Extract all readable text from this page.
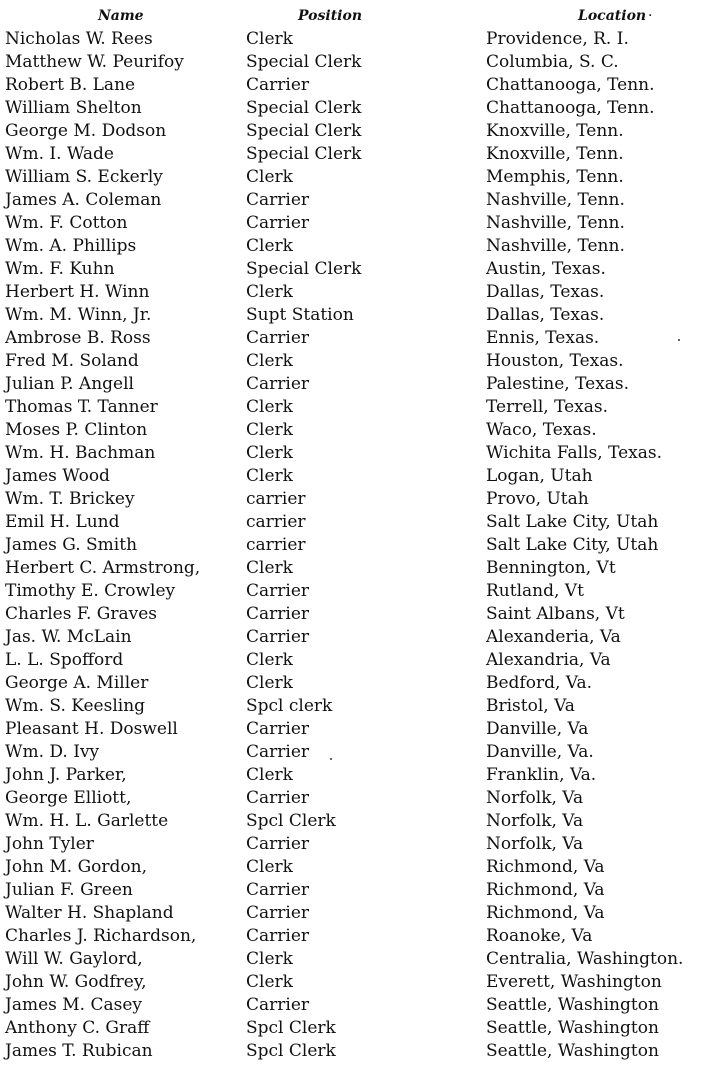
Name	Position	Location ·
Nicholas W. Rees	Clerk	Providence, R. I.
Matthew W. Peurifoy	Special Clerk	Columbia, S. C.
Robert B. Lane	Carrier	Chattanooga, Tenn.
William Shelton	Special Clerk	Chattanooga, Tenn.
George M. Dodson	Special Clerk	Knoxville, Tenn.
Wm. I. Wade	Special Clerk	Knoxville, Tenn.
William S. Eckerly	Clerk	Memphis, Tenn.
James A. Coleman	Carrier	Nashville, Tenn.
Wm. F. Cotton	Carrier	Nashville, Tenn.
Wm. A. Phillips	Clerk	Nashville, Tenn.
Wm. F. Kuhn	Special Clerk	Austin, Texas.
Herbert H. Winn	Clerk	Dallas, Texas.
Wm. M. Winn, Jr.	Supt Station	Dallas, Texas.
Ambrose B. Ross	Carrier	Ennis, Texas.
Fred M. Soland	Clerk	Houston, Texas.
Julian P. Angell	Carrier	Palestine, Texas.
Thomas T. Tanner	Clerk	Terrell, Texas.
Moses P. Clinton	Clerk	Waco, Texas.
Wm. H. Bachman	Clerk	Wichita Falls, Texas.
James Wood	Clerk	Logan, Utah
Wm. T. Brickey	carrier	Provo, Utah
Emil H. Lund	carrier	Salt Lake City, Utah
James G. Smith	carrier	Salt Lake City, Utah
Herbert C. Armstrong,	Clerk	Bennington, Vt
Timothy E. Crowley	Carrier	Rutland, Vt
Charles F. Graves	Carrier	Saint Albans, Vt
Jas. W. McLain	Carrier	Alexanderia, Va
L. L. Spofford	Clerk	Alexandria, Va
George A. Miller	Clerk	Bedford, Va.
Wm. S. Keesling	Spcl clerk	Bristol, Va
Pleasant H. Doswell	Carrier	Danville, Va
Wm. D. Ivy	Carrier	Danville, Va.
John J. Parker,	Clerk	Franklin, Va.
George Elliott,	Carrier	Norfolk, Va
Wm. H. L. Garlette	Spcl Clerk	Norfolk, Va
John Tyler	Carrier	Norfolk, Va
John M. Gordon,	Clerk	Richmond, Va
Julian F. Green	Carrier	Richmond, Va
Walter H. Shapland	Carrier	Richmond, Va
Charles J. Richardson,	Carrier	Roanoke, Va
Will W. Gaylord,	Clerk	Centralia, Washington.
John W. Godfrey,	Clerk	Everett, Washington
James M. Casey	Carrier	Seattle, Washington
Anthony C. Graff	Spcl Clerk	Seattle, Washington
James T. Rubican	Spcl Clerk	Seattle, Washington
